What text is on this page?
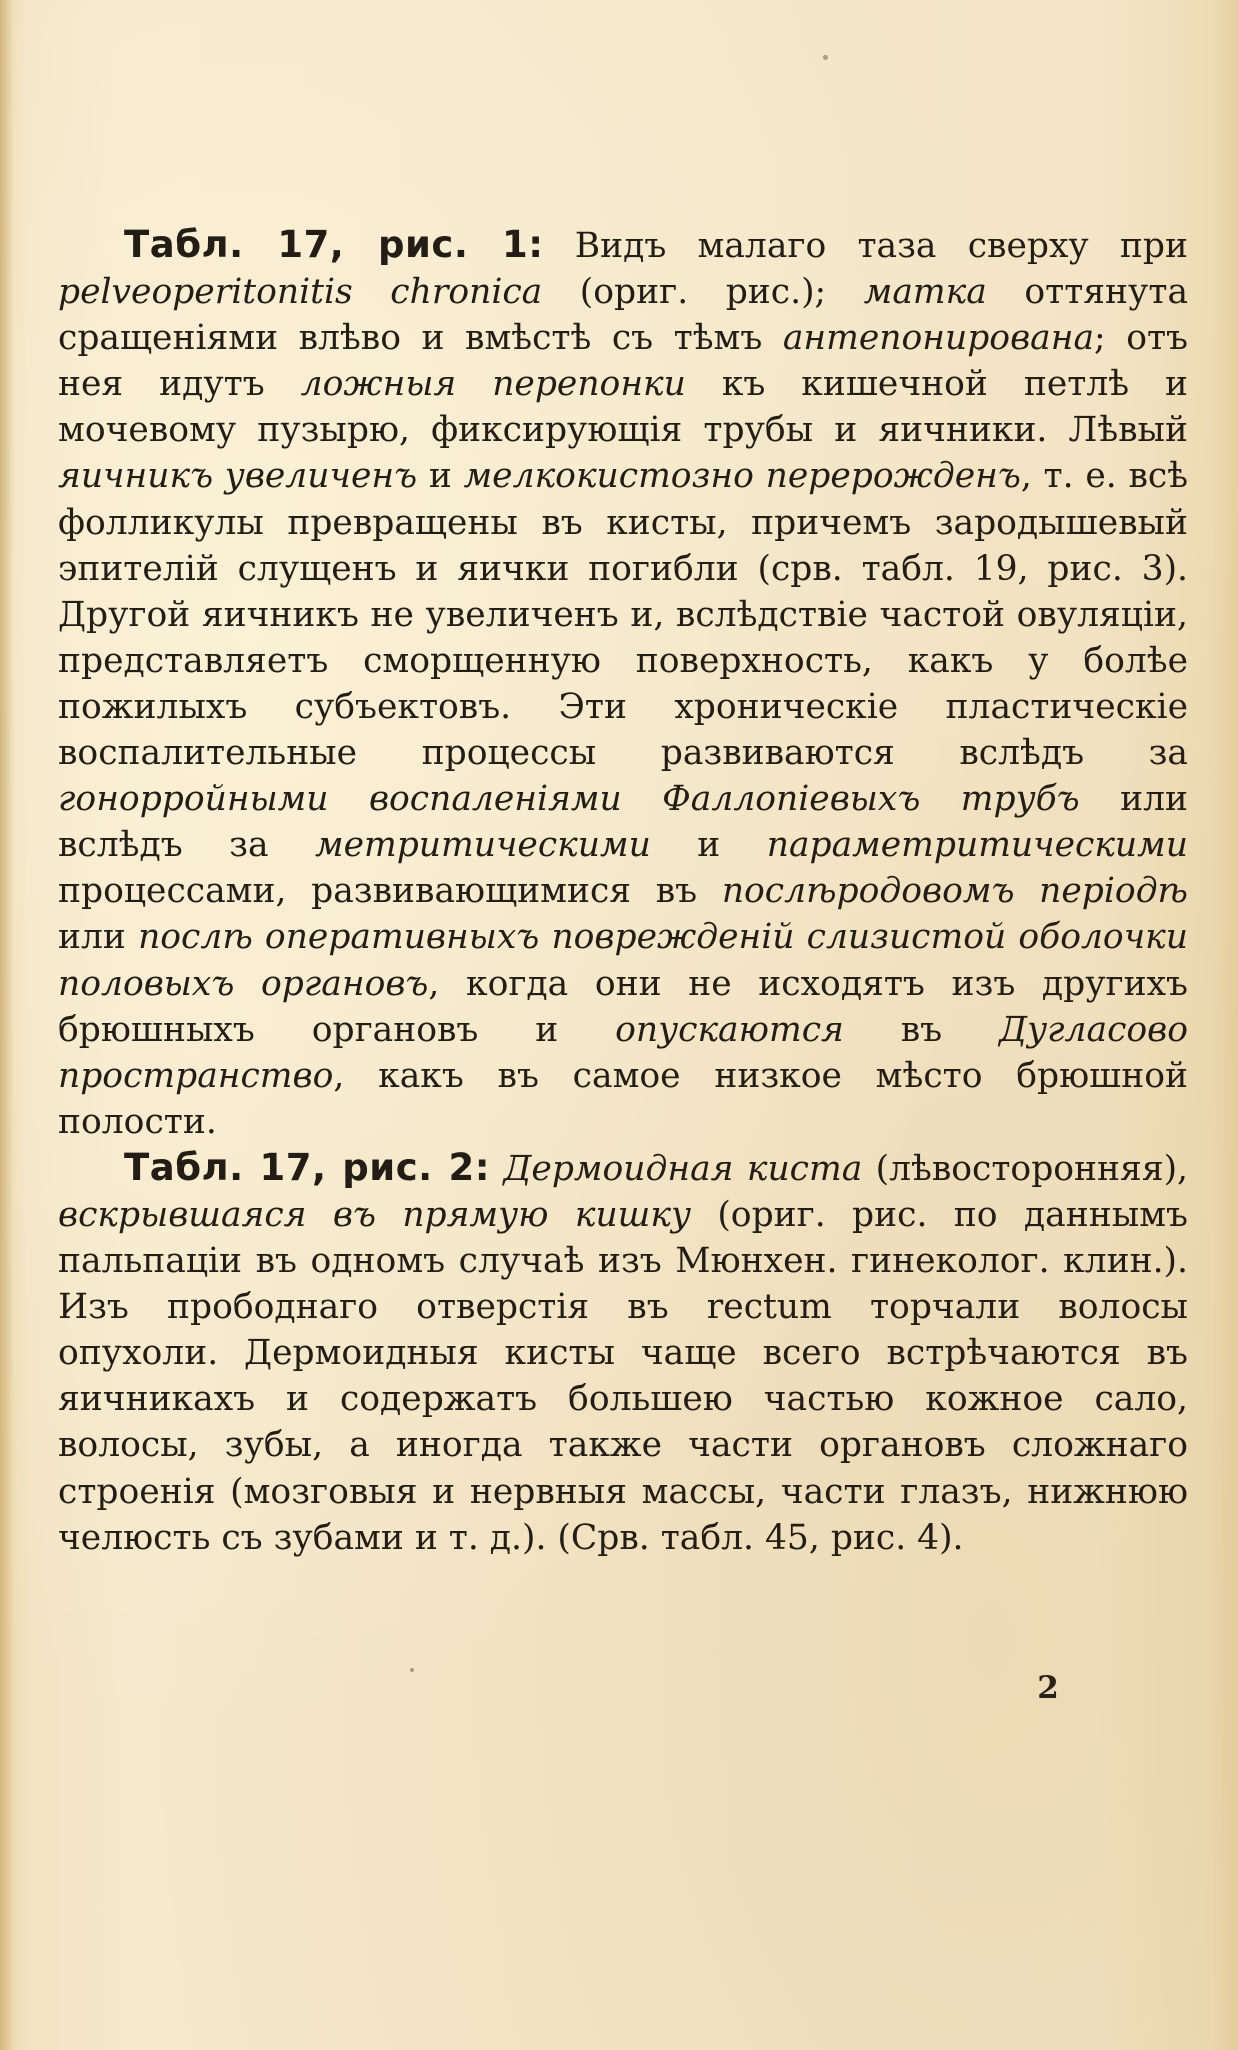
Табл. 17, рис. 1: Видъ малаго таза сверху при pelveoperitonitis chronica (ориг. рис.); матка оттянута сращеніями влѣво и вмѣстѣ съ тѣмъ антепонирована; отъ нея идутъ ложныя перепонки къ кишечной петлѣ и мочевому пузырю, фиксирующія трубы и яичники. Лѣвый яичникъ увеличенъ и мелкокистозно перерожденъ, т. е. всѣ фолликулы превращены въ кисты, причемъ зародышевый эпителій слущенъ и яички погибли (срв. табл. 19, рис. 3). Другой яичникъ не увеличенъ и, вслѣдствіе частой овуляціи, представляетъ сморщенную поверхность, какъ у болѣе пожилыхъ субъектовъ. Эти хроническіе пластическіе воспалительные процессы развиваются вслѣдъ за гонорройными воспаленіями Фаллопіевыхъ трубъ или вслѣдъ за метритическими и параметритическими процессами, развивающимися въ послѣродовомъ періодѣ или послѣ оперативныхъ поврежденій слизистой оболочки половыхъ органовъ, когда они не исходятъ изъ другихъ брюшныхъ органовъ и опускаются въ Дугласово пространство, какъ въ самое низкое мѣсто брюшной полости.

Табл. 17, рис. 2: Дермоидная киста (лѣвосторонняя), вскрывшаяся въ прямую кишку (ориг. рис. по даннымъ пальпаціи въ одномъ случаѣ изъ Мюнхен. гинеколог. клин.). Изъ прободнаго отверстія въ rectum торчали волосы опухоли. Дермоидныя кисты чаще всего встрѣчаются въ яичникахъ и содержатъ большею частью кожное сало, волосы, зубы, а иногда также части органовъ сложнаго строенія (мозговыя и нервныя массы, части глазъ, нижнюю челюсть съ зубами и т. д.). (Срв. табл. 45, рис. 4).

2
